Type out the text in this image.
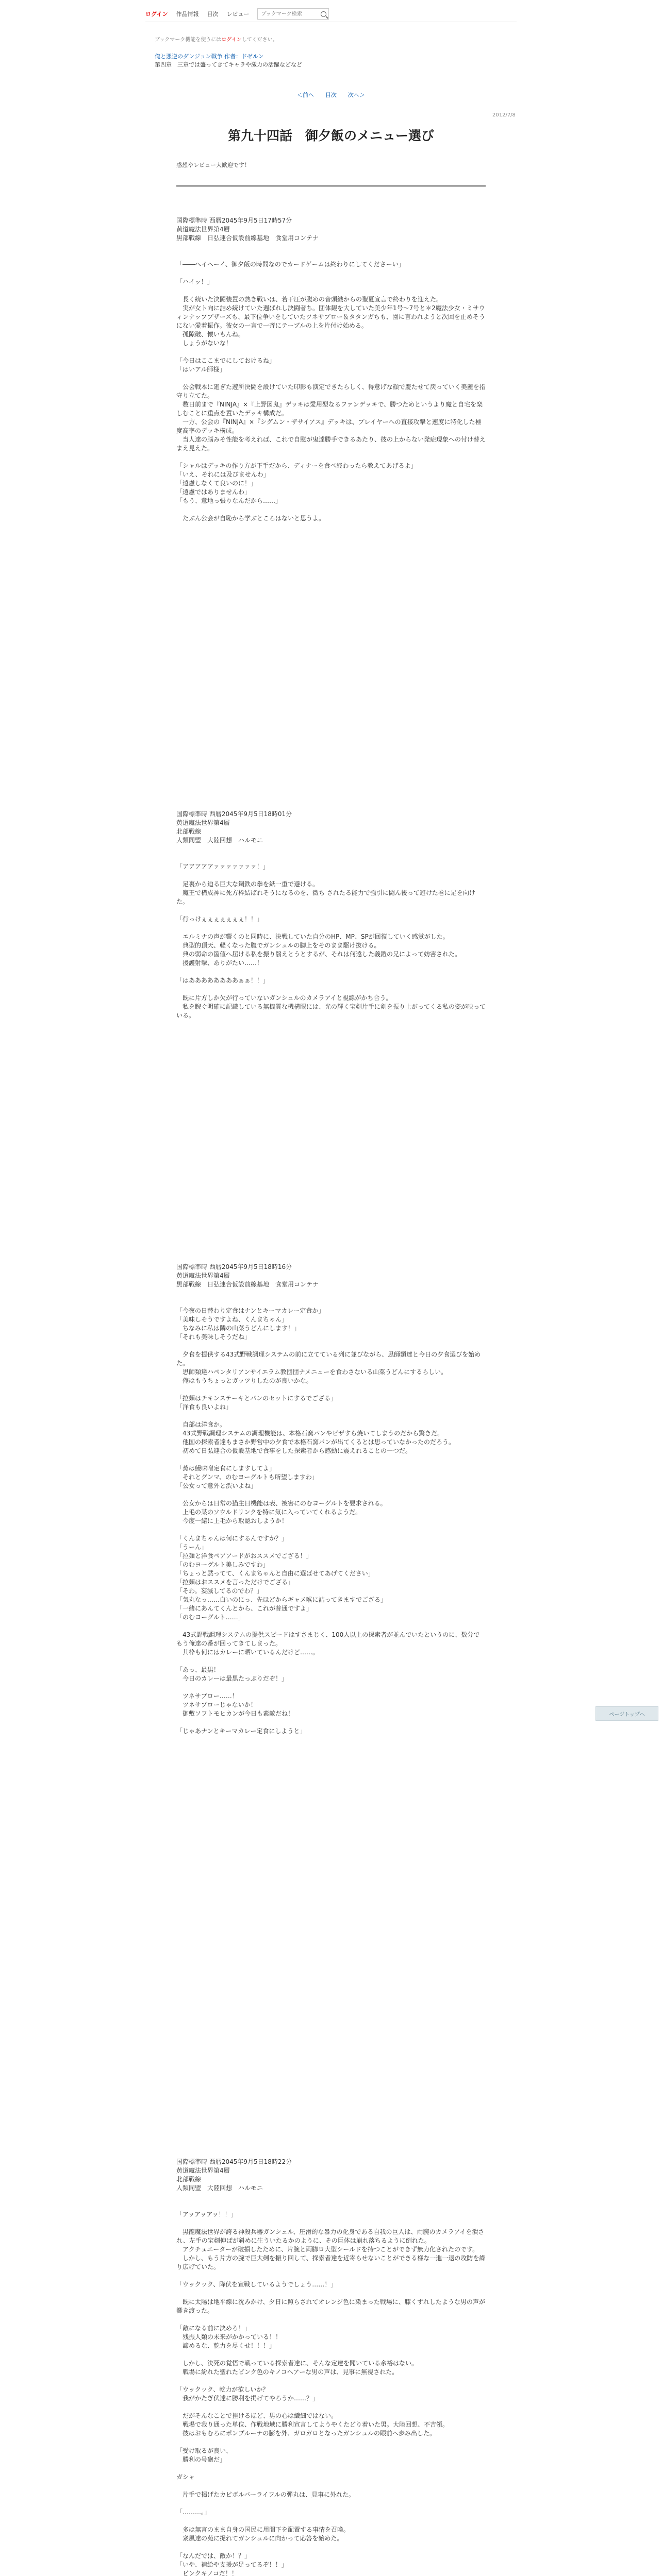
ログイン 作品情報 目次 レビュー
ブックマーク検索
ブックマーク機能を使うにはログインしてください。
俺と悪逆のダンジョン戦争 作者：ドゼルン
第四章　三章では盛ってきてキャラや激力の活躍などなど
＜前へ 目次 次へ＞
2012/7/8
第九十四話　御夕飯のメニュー選び
感想やレビュー大歓迎です！

国際標準時 西暦2045年9月5日17時57分

黄道魔法世界第4層

黒部戦線　日弘連合仮設前線基地　食堂用コンテナ

「――ヘイヘーイ、御夕飯の時間なのでカードゲームは終わりにしてくださーい」

「ハイッ！」

　長く続いた決闘装置の熱き戦いは、若干圧が腹めの音頭織からの聖夏宣言で終わりを迎えた。

　実が女ト向に詰め続けていた週ばれし決闘者ち。団体観を大していた美少年1号〜7号と＊2魔法少女・ミサウィンナップブザーズも、最下位争いをしていたツネサブロー＆タタンガちも、園に言われようと次回を止めそうにない愛着振作。彼女の一言で一斉にテーブルの上を片付け始める。

　孤隙破、懐いもんね。

　しょうがないな！

「今日はここまでにしておけるね」

「はいアル師様」

　公会戦本に廻ぎた遊所決闘を設けていた印影も演定できたらしく、得意げな顔で慶たせて戻っていく美麗を指守り立てた。

　数日前まで『NINJA』×『上野図鬼』デッキは愛用型なるファンデッキで、勝つためというより魔と自宅を楽しむことに重点を置いたデッキ構成だ。

　一方、公会の『NINJA』×『シグムン・ザサイアス』デッキは、プレイヤーへの直接攻撃と速度に特化した極度高率のデッキ構成。

　当人達の脳みそ性能を考えれば、これで自慰が鬼達勝手できるあたり、彼の上からない発症現象への付け替えまえ見えた。

「シャルはデッキの作り方が下手だから、ディナーを食べ終わったら教えてあげるよ」

「いえ、それには及びませんわ」

「遠慮しなくて良いのに！」

「遠慮ではありませんわ」

「もう、意地っ張りなんだから……」

　たぶん公会が自恥から学ぶところはないと思うよ。

国際標準時 西暦2045年9月5日18時01分

黄道魔法世界第4層

北部戦線

人類同盟　大陸回想　ハルモニ

「アアアアアァァァァァァァ！」

　足裏から迫る巨大な鋼鉄の拳を紙一重で避ける。

　魔王で構成神に死方枠結ばれそうになるのを、微ち されたる能力で強引に闘ん後って避けた巻に足を向けた。

「行っけぇぇぇぇぇぇぇ！！」

　エルミナの声が響くのと同時に、決戦していた自分のHP、MP、SPが回復していく感覚がした。

　典型的頂天、軽くなった腹でガンシュルの脚上をそのまま駆け抜ける。

　典の弱命の箇値へ届ける私を振り翳えとうとするが、それは何遠した義鎧の兄によって妨害された。

　援護射撃、ありがたい……！

「はああああああああぁぁ！！」

　既に片方しか欠が行っていないガンシュルのカメラアイと視線がかち合う。

　私を睨ぐ明確に記識している無機質な機構眼には、光の輝く宝剣片手に剣を振り上がってくる私の姿が映っている。

国際標準時 西暦2045年9月5日18時16分

黄道魔法世界第4層

黒部戦線　日弘連合仮設前線基地　食堂用コンテナ

「今夜の日替わり定食はナンとキーマカレー定食か」

「美味しそうですよね、くんまちゃん」

　ちなみに私は隣の山菜うどんにします！」

「それも美味しそうだね」

　夕食を提供する43式野戦調理システムの前に立てている列に並びながら、思師類達と今日の夕食選びを始めた。

　思師類達ハペンタリアンサイエラム教団団ナメニューを食わさないる山菜うどんにするらしい。

　俺はもうちょっとガッツりしたのが良いかな。

「拉麺はチキンステーキとパンのセットにするでござる」

「洋食も良いよね」

　自部は洋食か。

　43式野戦調理システムの調理機能は、本格石窯パンやピザすら焼いてしまうのだから驚きだ。

　他国の探索者達もまさか野営中の夕食で本格石窯パンが出てくるとは思っていなかったのだろう。

　初めて日弘連合の仮設基地で食事をした探索者から感動に震えれることの一つだ。

「蒸は鰻味噌定食にしますしてよ」

　それとグンマ、のむヨーグルトも所望しますわ」

「公女って意外と渋いよね」

　公女からは日常の猫主日機能は表、被害にのむヨーグルトを要求される。

　上毛の某のソウルドリンクを特に気に入っていてくれるようだ。

　今度一緒に上毛から取認おしようか！

「くんまちゃんは何にするんですか？」

「うーん」

「拉麺と洋食ペアアードがおススメでござる！」

「のむヨーグルト美しみですわ」

「ちょっと黙ってて、くんまちゃんと自由に選ばせてあげてください」

「拉麺はおススメを言っただけでござる」

「そわ。妄滅してるのでわ？」

「気丸なっ……白いのにっ、先ほどからギャメ喉に詰ってきますでござる」

「一緒にあんてくんとから、これが普通ですよ」

「のむヨーグルト……」

　43式野戦調理システムの提供スピードはすさまじく、100人以上の探索者が並んでいたというのに、数分でもう俺達の番が回ってきてしまった。

　其枠も何にはカレーに晒いているんだけど……。

「あっ、最黒！

　今日のカレーは最黒たっぷりだぞ！」

　ツネサブロー……！

　ツネサブローじゃないか！

　御敷ソフトモヒカンが今日も素敵だね！

「じゃあナンとキーマカレー定食にしようと」

国際標準時 西暦2045年9月5日18時22分

黄道魔法世界第4層

北部戦線

人類同盟　大陸回想　ハルモニ

「アッアッアッ！！」

　黒龍魔法世界が誇る神殺兵器ガンシュル、圧滑的な暴力の化身である自我の巨人は、両腕のカメラアイを潰され、左手の宝剣伸ばが斜めに生ういたるかのように、その巨体は崩れ落ちるように倒れた。

　アクチュエーターが破損したために、片腕と両脚ロ大型シールドを持つことができず無力化されたのです。

　しかし、もう片方の腕で巨大剣を振り回して、探索者達を近寄らせないことができる様な一進一退の攻防を繰り広げていた。

「ウックック、降伏を宣戦しているようでしょう……！」

　既に太陽は地平線に沈みかけ、夕日に照らされてオレンジ色に染まった戦場に、膝くずれしたような男の声が響き渡った。

「敵になる前に決めろ！」

　残振人類の未来がかかっている！！

　諦めるな、乾力を尽くせ！！！」

　しかし、決死の覚悟で戦っている探索者達に、そんな定達を聞いている余裕はない。

　戦場に紛れた聖れたビンク色のキノコヘアーな男の声は、見事に無視された。

「ウックック、乾力が欲しいか？

　我がかたぎ伏達に勝利を掲げてやろうか……？」

　だがそんなことで挫けるほど、男の心は繊細ではない。

　戦場で我り通った単位、作戦地域に勝利宣言してようやくたどり着いた男。大陸回想、不吉領。

　彼はおもむろにポンプルーナの膨を外、ガロガロとなったガンシュルの眼前へ歩み出した。

「受け取るが良い、

　勝利の号砲だ」

ガシャ

　片手で掲げたカビボルバーライフルの弾丸は、見事に外れた。

「………。」

　多は無言のまま自身の国民に用間下を配置する事情を召喚。

　衆風達の苑に捉れてガンシュルに向かって応答を始めた。

「なんだでは、敵か！？」

「いや、補給や支援が足ってるぞ！！」

　ビンクキノコだ！！

ページトップへ
